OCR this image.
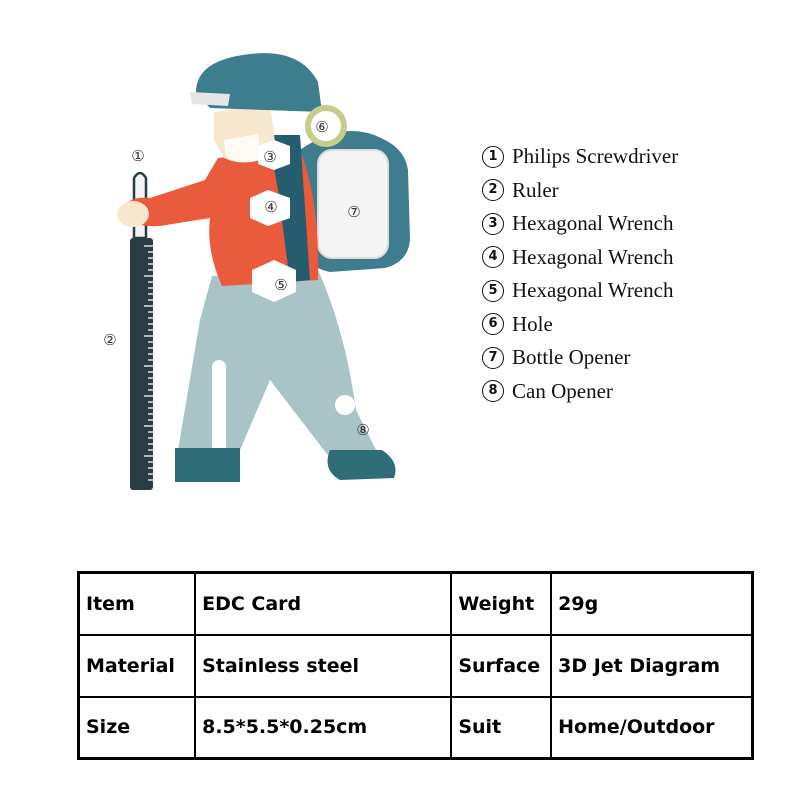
①
②
③
④
⑤
⑥
⑦
⑧
1 Philips Screwdriver
2 Ruler
3 Hexagonal Wrench
4 Hexagonal Wrench
5 Hexagonal Wrench
6 Hole
7 Bottle Opener
8 Can Opener
Item	EDC Card	Weight	29g
Material	Stainless steel	Surface	3D Jet Diagram
Size	8.5*5.5*0.25cm	Suit	Home/Outdoor
